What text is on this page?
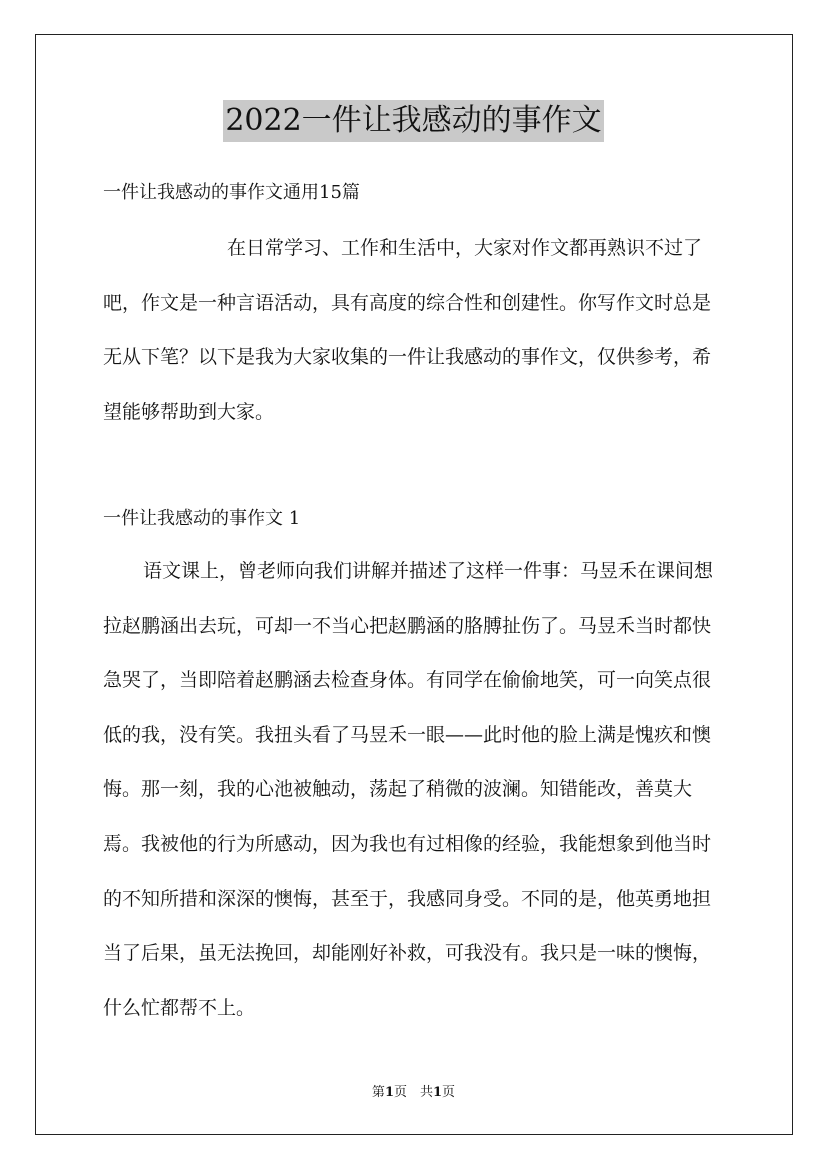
2022一件让我感动的事作文
一件让我感动的事作文通用15篇

在日常学习、工作和生活中，大家对作文都再熟识不过了吧，作文是一种言语活动，具有高度的综合性和创建性。你写作文时总是无从下笔？以下是我为大家收集的一件让我感动的事作文，仅供参考，希望能够帮助到大家。

一件让我感动的事作文 1

语文课上，曾老师向我们讲解并描述了这样一件事：马昱禾在课间想拉赵鹏涵出去玩，可却一不当心把赵鹏涵的胳膊扯伤了。马昱禾当时都快急哭了，当即陪着赵鹏涵去检查身体。有同学在偷偷地笑，可一向笑点很低的我，没有笑。我扭头看了马昱禾一眼——此时他的脸上满是愧疚和懊悔。那一刻，我的心池被触动，荡起了稍微的波澜。知错能改，善莫大焉。我被他的行为所感动，因为我也有过相像的经验，我能想象到他当时的不知所措和深深的懊悔，甚至于，我感同身受。不同的是，他英勇地担当了后果，虽无法挽回，却能刚好补救，可我没有。我只是一味的懊悔，什么忙都帮不上。

第1页　共1页
